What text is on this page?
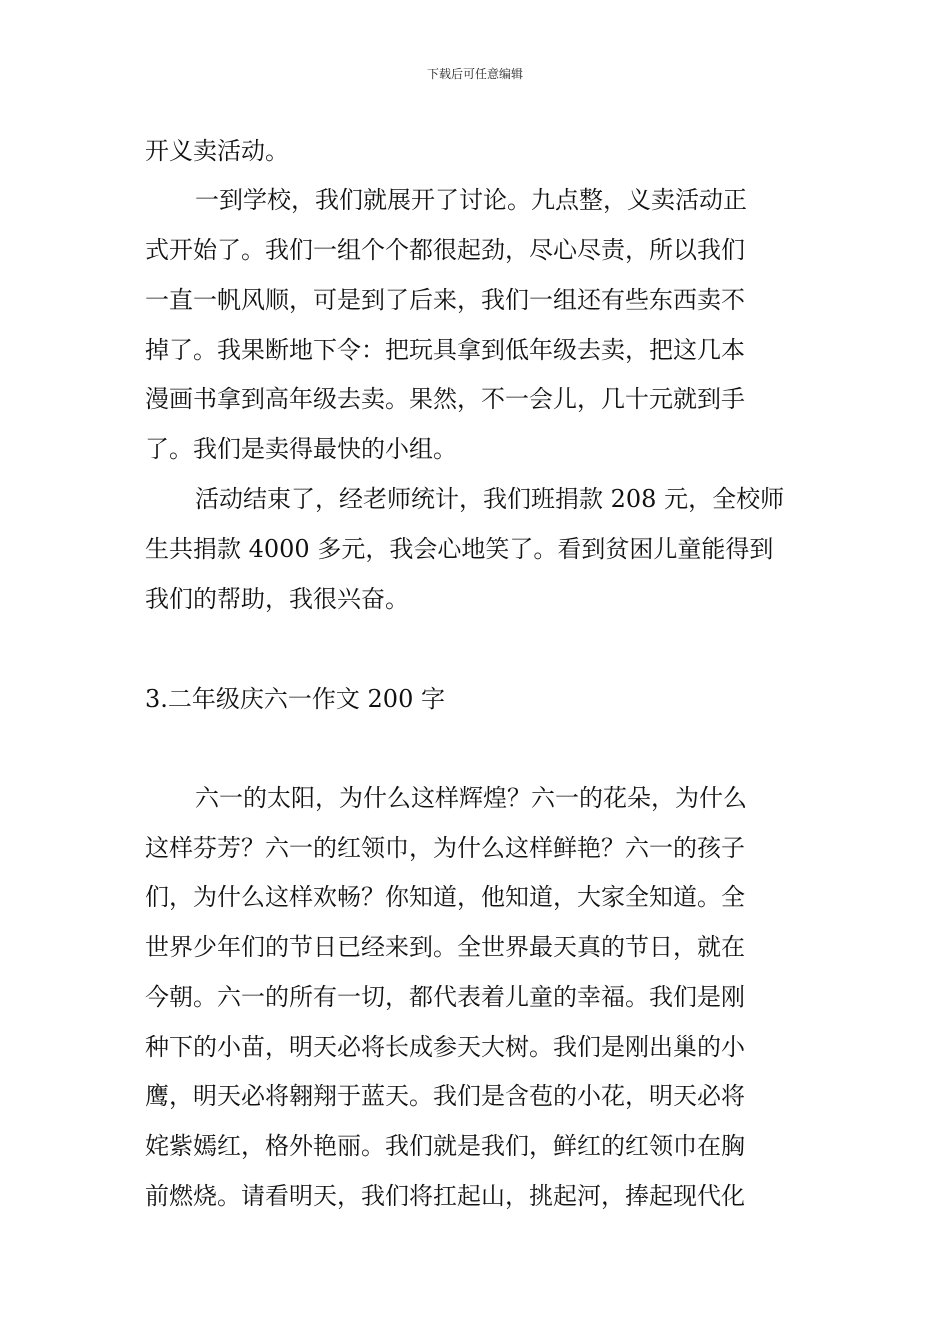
下载后可任意编辑
开义卖活动。
一到学校，我们就展开了讨论。九点整，义卖活动正
式开始了。我们一组个个都很起劲，尽心尽责，所以我们
一直一帆风顺，可是到了后来，我们一组还有些东西卖不
掉了。我果断地下令：把玩具拿到低年级去卖，把这几本
漫画书拿到高年级去卖。果然，不一会儿，几十元就到手
了。我们是卖得最快的小组。
活动结束了，经老师统计，我们班捐款 208 元，全校师
生共捐款 4000 多元，我会心地笑了。看到贫困儿童能得到
我们的帮助，我很兴奋。
3.二年级庆六一作文 200 字
六一的太阳，为什么这样辉煌？六一的花朵，为什么
这样芬芳？六一的红领巾，为什么这样鲜艳？六一的孩子
们，为什么这样欢畅？你知道，他知道，大家全知道。全
世界少年们的节日已经来到。全世界最天真的节日，就在
今朝。六一的所有一切，都代表着儿童的幸福。我们是刚
种下的小苗，明天必将长成参天大树。我们是刚出巢的小
鹰，明天必将翱翔于蓝天。我们是含苞的小花，明天必将
姹紫嫣红，格外艳丽。我们就是我们，鲜红的红领巾在胸
前燃烧。请看明天，我们将扛起山，挑起河，捧起现代化
